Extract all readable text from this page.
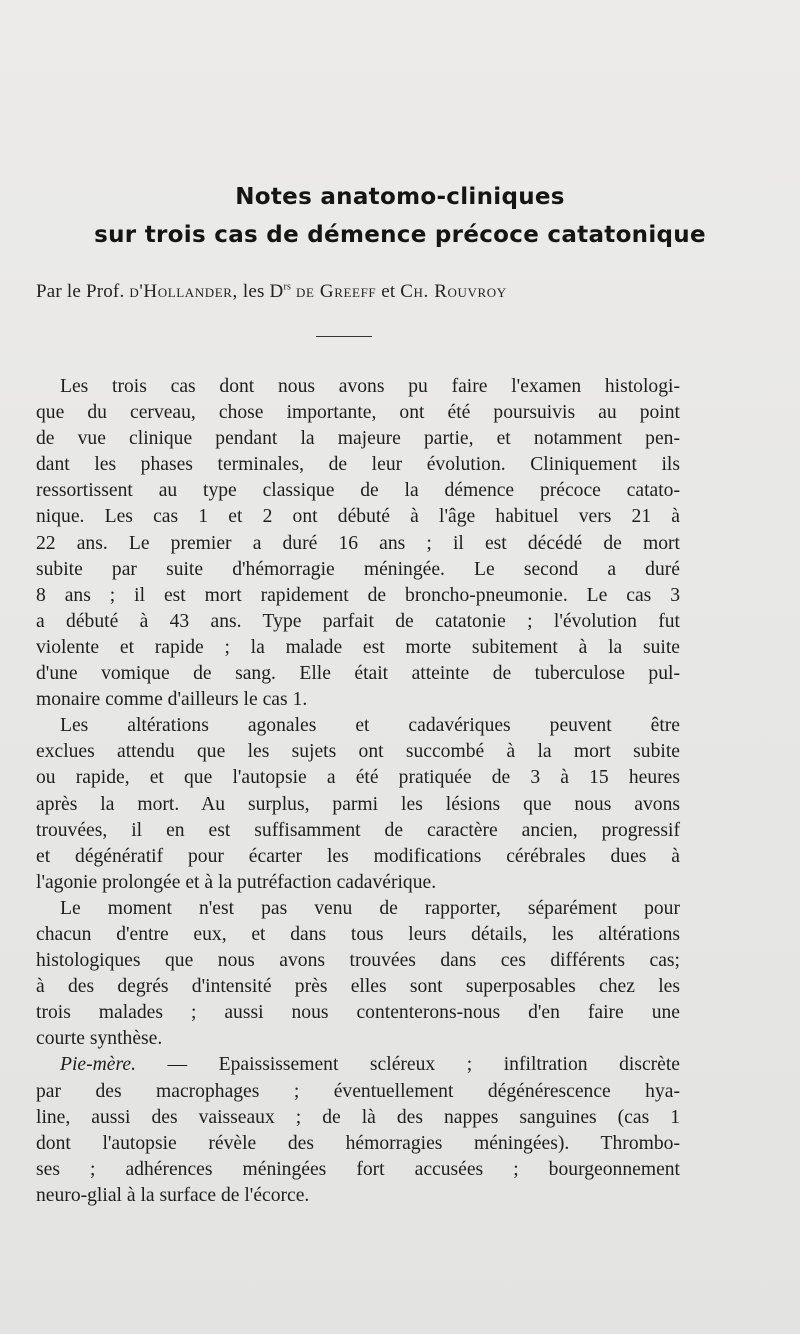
Notes anatomo-cliniques
sur trois cas de démence précoce catatonique
Par le Prof. d'Hollander, les $D^{rs}$ de Greeff et Ch. Rouvroy
Les trois cas dont nous avons pu faire l'examen histologi-
que du cerveau, chose importante, ont été poursuivis au point
de vue clinique pendant la majeure partie, et notamment pen-
dant les phases terminales, de leur évolution. Cliniquement ils
ressortissent au type classique de la démence précoce catato-
nique. Les cas 1 et 2 ont débuté à l'âge habituel vers 21 à
22 ans. Le premier a duré 16 ans ; il est décédé de mort
subite par suite d'hémorragie méningée. Le second a duré
8 ans ; il est mort rapidement de broncho-pneumonie. Le cas 3
a débuté à 43 ans. Type parfait de catatonie ; l'évolution fut
violente et rapide ; la malade est morte subitement à la suite
d'une vomique de sang. Elle était atteinte de tuberculose pul-
monaire comme d'ailleurs le cas 1.
Les altérations agonales et cadavériques peuvent être
exclues attendu que les sujets ont succombé à la mort subite
ou rapide, et que l'autopsie a été pratiquée de 3 à 15 heures
après la mort. Au surplus, parmi les lésions que nous avons
trouvées, il en est suffisamment de caractère ancien, progressif
et dégénératif pour écarter les modifications cérébrales dues à
l'agonie prolongée et à la putréfaction cadavérique.
Le moment n'est pas venu de rapporter, séparément pour
chacun d'entre eux, et dans tous leurs détails, les altérations
histologiques que nous avons trouvées dans ces différents cas;
à des degrés d'intensité près elles sont superposables chez les
trois malades ; aussi nous contenterons-nous d'en faire une
courte synthèse.
Pie-mère. — Epaississement scléreux ; infiltration discrète
par des macrophages ; éventuellement dégénérescence hya-
line, aussi des vaisseaux ; de là des nappes sanguines (cas 1
dont l'autopsie révèle des hémorragies méningées). Thrombo-
ses ; adhérences méningées fort accusées ; bourgeonnement
neuro-glial à la surface de l'écorce.
